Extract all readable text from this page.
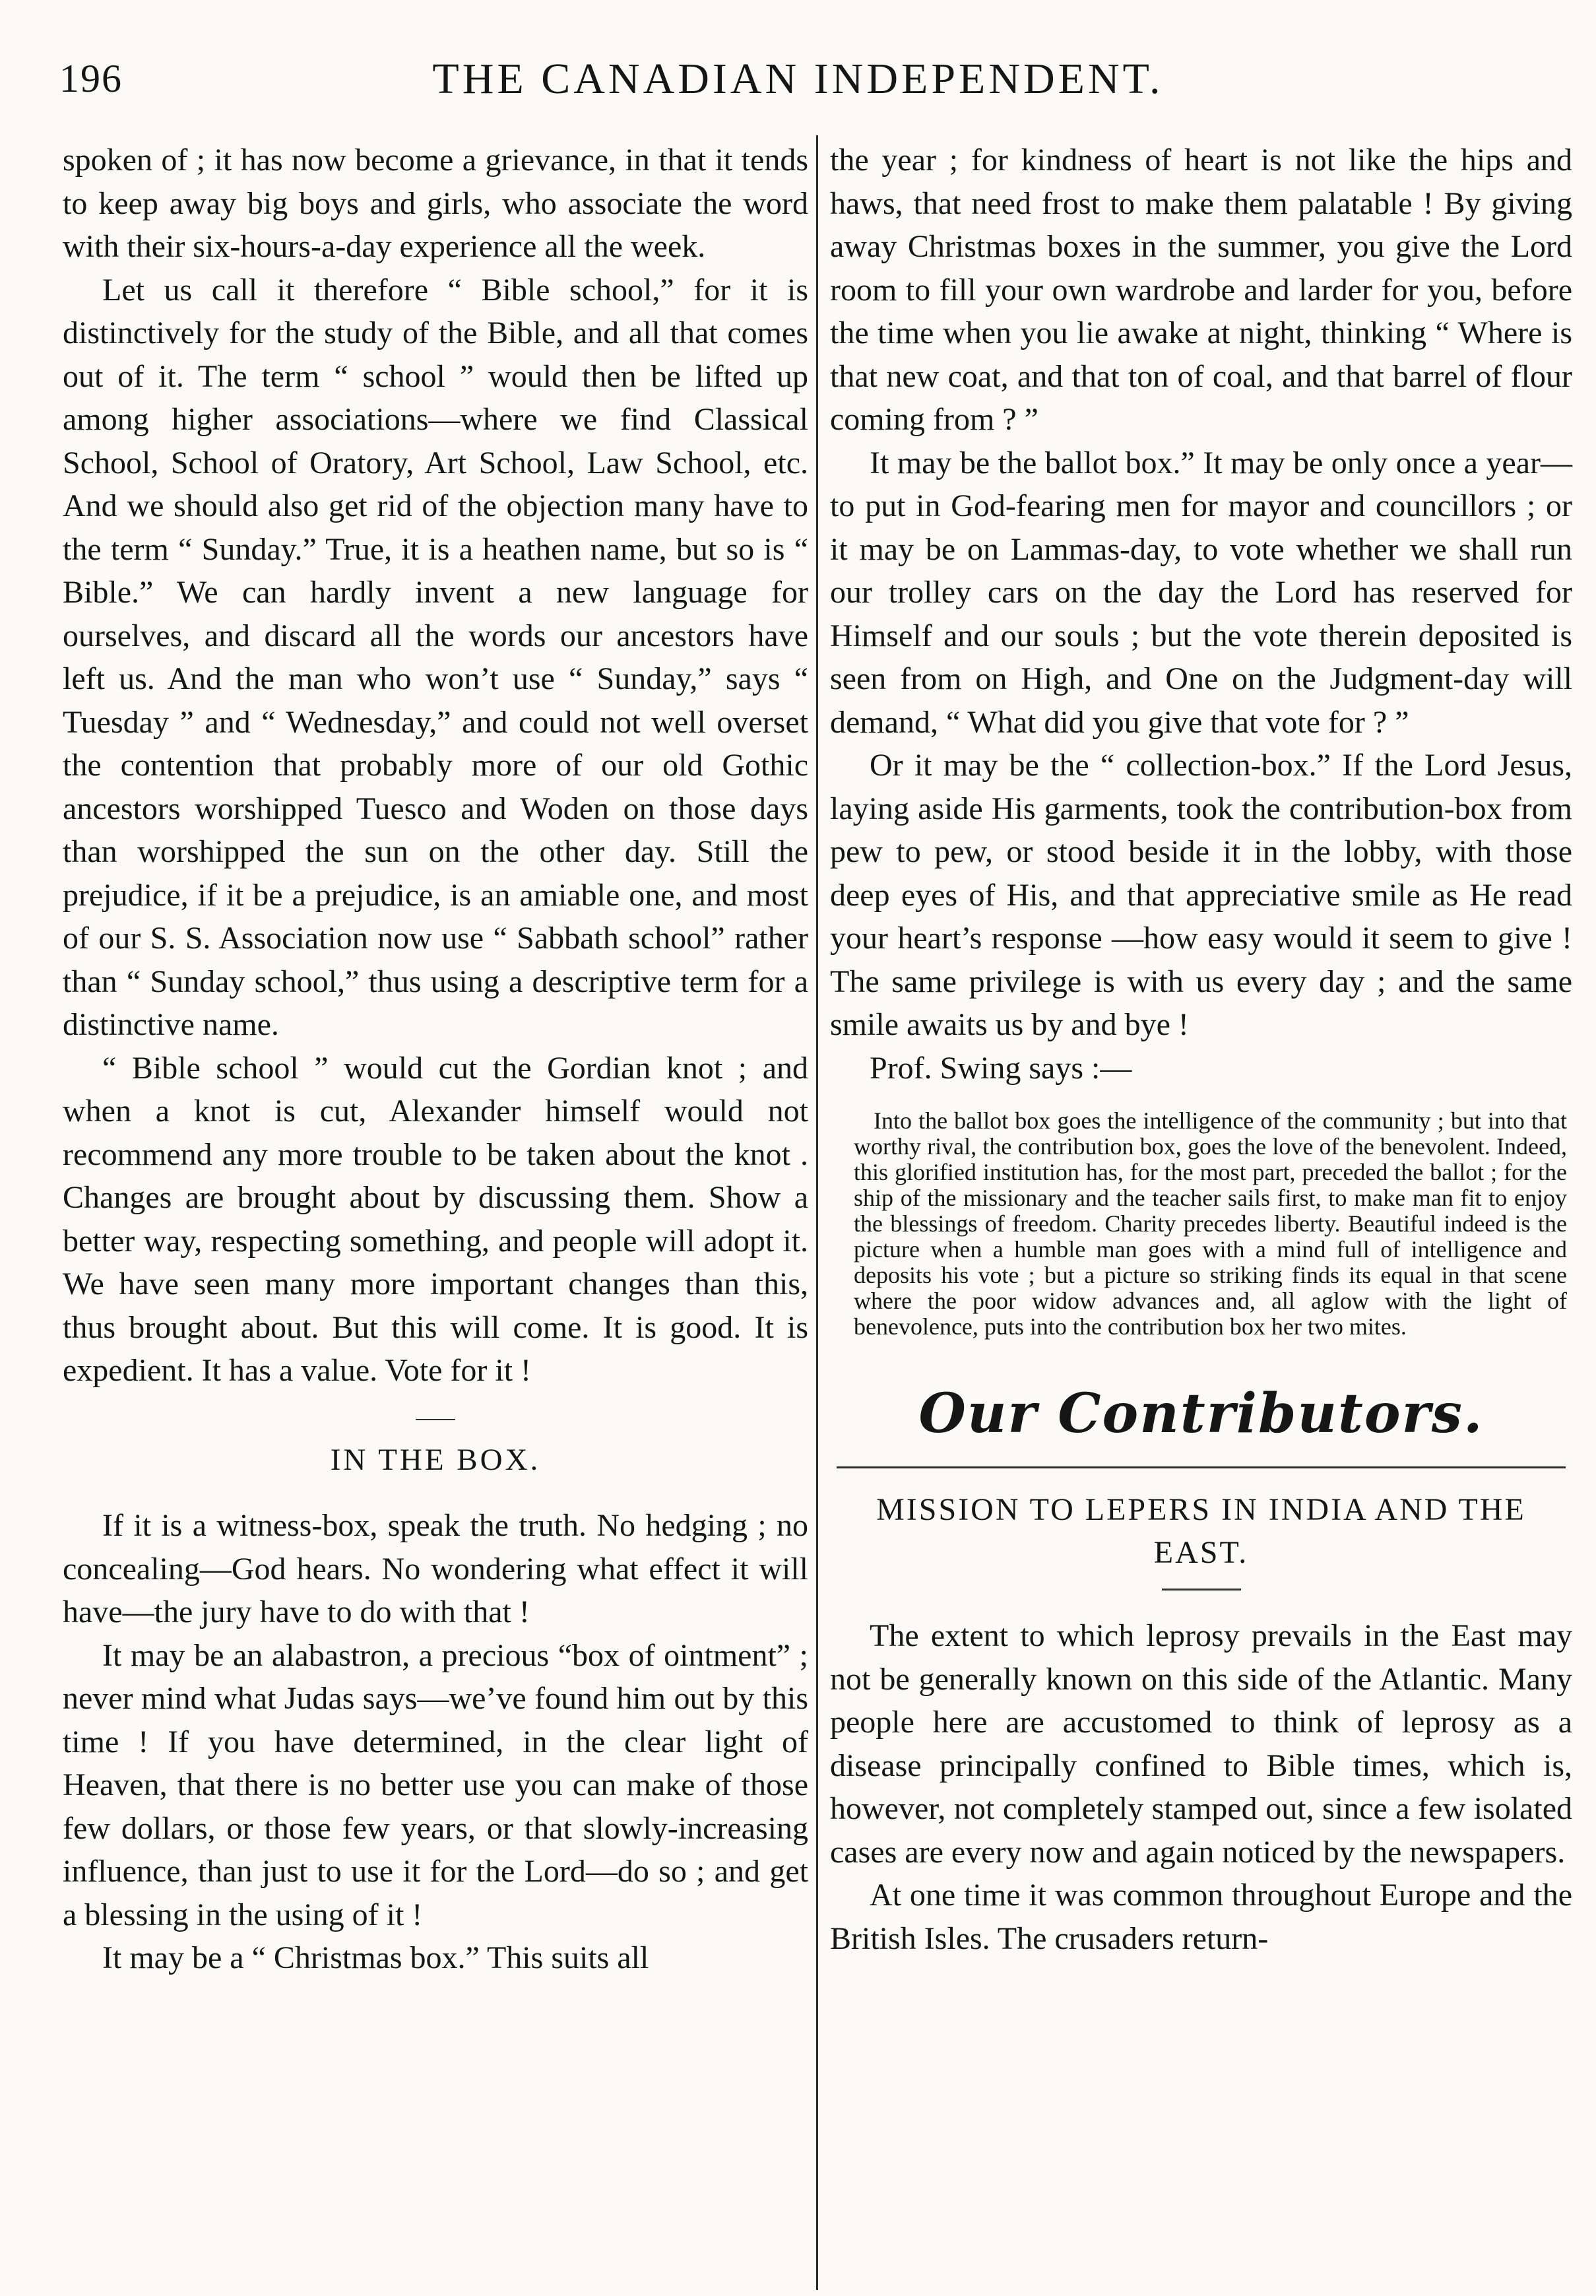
196	THE CANADIAN INDEPENDENT.

spoken of ; it has now become a grievance, in that it tends to keep away big boys and girls, who associate the word with their six-hours-a-day experience all the week.

Let us call it therefore “ Bible school,” for it is distinctively for the study of the Bible, and all that comes out of it. The term “ school ” would then be lifted up among higher associations—where we find Classical School, School of Oratory, Art School, Law School, etc. And we should also get rid of the objection many have to the term “ Sunday.” True, it is a heathen name, but so is “ Bible.” We can hardly invent a new language for ourselves, and discard all the words our ancestors have left us. And the man who won’t use “ Sunday,” says “ Tuesday ” and “ Wednesday,” and could not well overset the contention that probably more of our old Gothic ancestors worshipped Tuesco and Woden on those days than worshipped the sun on the other day. Still the prejudice, if it be a prejudice, is an amiable one, and most of our S. S. Association now use “ Sabbath school” rather than “ Sunday school,” thus using a descriptive term for a distinctive name.

“ Bible school ” would cut the Gordian knot ; and when a knot is cut, Alexander himself would not recommend any more trouble to be taken about the knot . Changes are brought about by discussing them. Show a better way, respecting something, and people will adopt it. We have seen many more important changes than this, thus brought about. But this will come. It is good. It is expedient. It has a value. Vote for it !

IN THE BOX.

If it is a witness-box, speak the truth. No hedging ; no concealing—God hears. No wondering what effect it will have—the jury have to do with that !

It may be an alabastron, a precious “box of ointment” ; never mind what Judas says—we’ve found him out by this time ! If you have determined, in the clear light of Heaven, that there is no better use you can make of those few dollars, or those few years, or that slowly-increasing influence, than just to use it for the Lord—do so ; and get a blessing in the using of it !

It may be a “ Christmas box.” This suits all

the year ; for kindness of heart is not like the hips and haws, that need frost to make them palatable ! By giving away Christmas boxes in the summer, you give the Lord room to fill your own wardrobe and larder for you, before the time when you lie awake at night, thinking “ Where is that new coat, and that ton of coal, and that barrel of flour coming from ? ”

It may be the ballot box.” It may be only once a year—to put in God-fearing men for mayor and councillors ; or it may be on Lammas-day, to vote whether we shall run our trolley cars on the day the Lord has reserved for Himself and our souls ; but the vote therein deposited is seen from on High, and One on the Judgment-day will demand, “ What did you give that vote for ? ”

Or it may be the “ collection-box.” If the Lord Jesus, laying aside His garments, took the contribution-box from pew to pew, or stood beside it in the lobby, with those deep eyes of His, and that appreciative smile as He read your heart’s response —how easy would it seem to give ! The same privilege is with us every day ; and the same smile awaits us by and bye !

Prof. Swing says :—

Into the ballot box goes the intelligence of the community ; but into that worthy rival, the contribution box, goes the love of the benevolent. Indeed, this glorified institution has, for the most part, preceded the ballot ; for the ship of the missionary and the teacher sails first, to make man fit to enjoy the blessings of freedom. Charity precedes liberty. Beautiful indeed is the picture when a humble man goes with a mind full of intelligence and deposits his vote ; but a picture so striking finds its equal in that scene where the poor widow advances and, all aglow with the light of benevolence, puts into the contribution box her two mites.

Our Contributors.
MISSION TO LEPERS IN INDIA AND THE EAST.

The extent to which leprosy prevails in the East may not be generally known on this side of the Atlantic. Many people here are accustomed to think of leprosy as a disease principally confined to Bible times, which is, however, not completely stamped out, since a few isolated cases are every now and again noticed by the newspapers.

At one time it was common throughout Europe and the British Isles. The crusaders return-
